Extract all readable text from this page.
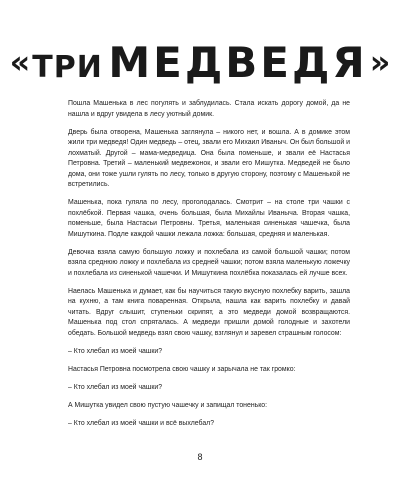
«ТРИ МЕДВЕДЯ»

Пошла Машенька в лес погулять и заблудилась. Стала искать дорогу домой, да не нашла и вдруг увидела в лесу уютный домик.

Дверь была отворена, Машенька заглянула – никого нет, и вошла. А в домике этом жили три медведя! Один медведь – отец, звали его Михаил Иваныч. Он был большой и лохматый. Другой – мама-медведица. Она была поменьше, и звали её Настасья Петровна. Третий – маленький медвежонок, и звали его Мишутка. Медведей не было дома, они тоже ушли гулять по лесу, только в другую сторону, поэтому с Машенькой не встретились.

Машенька, пока гуляла по лесу, проголодалась. Смотрит – на столе три чашки с похлёбкой. Первая чашка, очень большая, была Михайлы Иваныча. Вторая чашка, поменьше, была Настасьи Петровны. Третья, маленькая синенькая чашечка, была Мишуткина. Подле каждой чашки лежала ложка: большая, средняя и маленькая.

Девочка взяла самую большую ложку и похлебала из самой большой чашки; потом взяла среднюю ложку и похлебала из средней чашки; потом взяла маленькую ложечку и похлебала из синенькой чашечки. И Мишуткина похлёбка показалась ей лучше всех.

Наелась Машенька и думает, как бы научиться такую вкусную похлебку варить, зашла на кухню, а там книга поваренная. Открыла, нашла как варить похлебку и давай читать. Вдруг слышит, ступеньки скрипят, а это медведи домой возвращаются. Машенька под стол спряталась. А медведи пришли домой голодные и захотели обедать. Большой медведь взял свою чашку, взглянул и заревел страшным голосом:

– Кто хлебал из моей чашки?

Настасья Петровна посмотрела свою чашку и зарычала не так громко:

– Кто хлебал из моей чашки?

А Мишутка увидел свою пустую чашечку и запищал тоненько:

– Кто хлебал из моей чашки и всё выхлебал?

8
